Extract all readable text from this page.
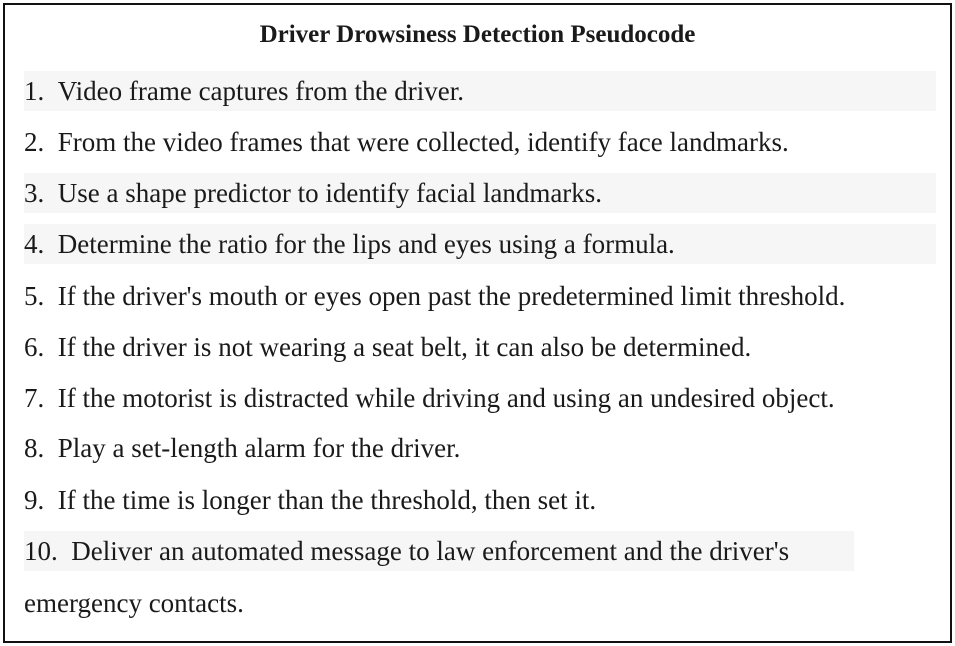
Driver Drowsiness Detection Pseudocode
1. Video frame captures from the driver.
2. From the video frames that were collected, identify face landmarks.
3. Use a shape predictor to identify facial landmarks.
4. Determine the ratio for the lips and eyes using a formula.
5. If the driver's mouth or eyes open past the predetermined limit threshold.
6. If the driver is not wearing a seat belt, it can also be determined.
7. If the motorist is distracted while driving and using an undesired object.
8. Play a set-length alarm for the driver.
9. If the time is longer than the threshold, then set it.
10. Deliver an automated message to law enforcement and the driver's
emergency contacts.
